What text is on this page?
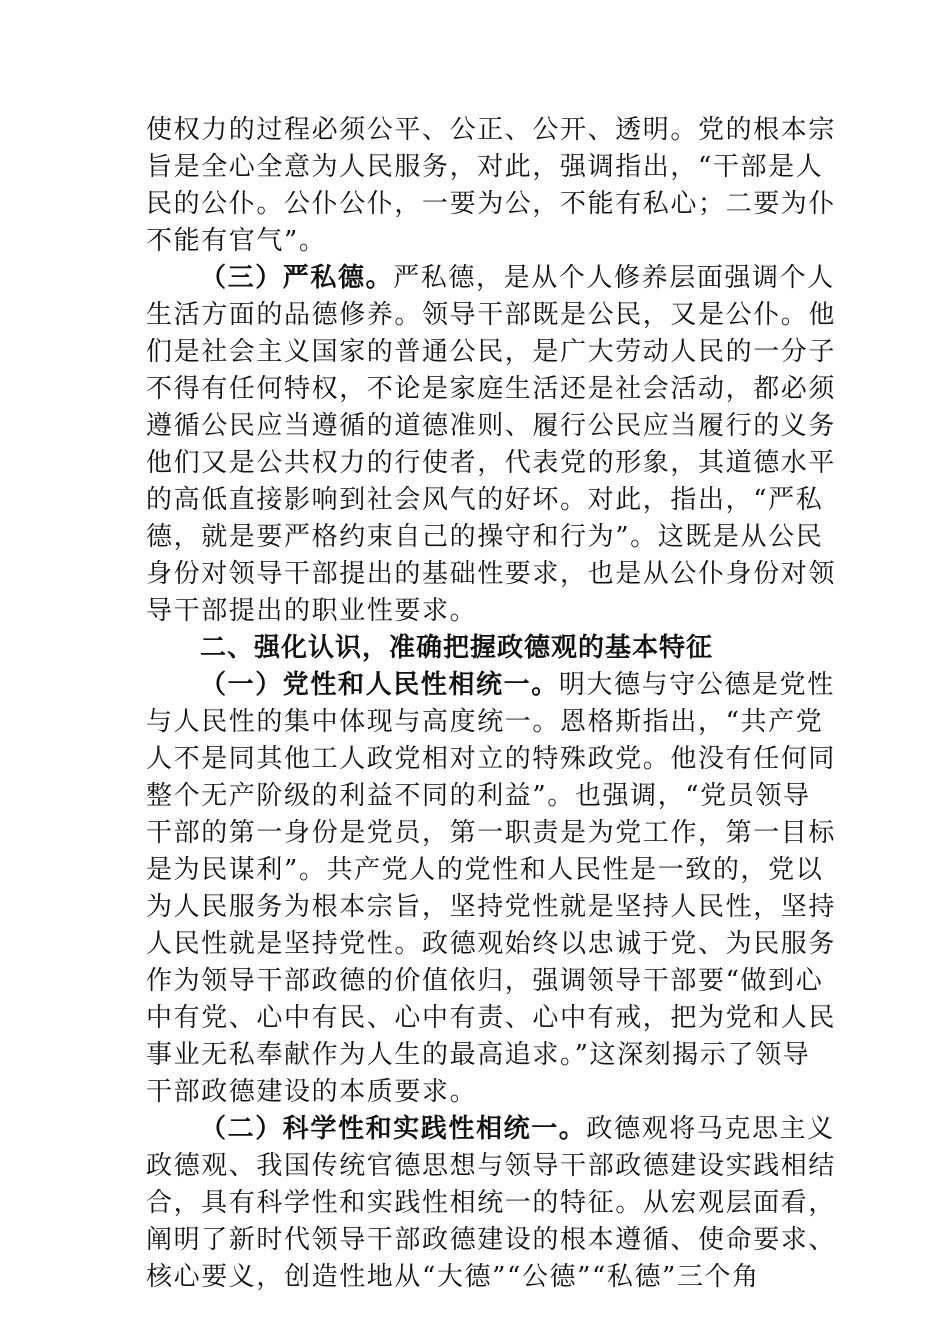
使权力的过程必须公平、公正、公开、透明。党的根本宗
旨是全心全意为人民服务，对此，强调指出，“干部是人
民的公仆。公仆公仆，一要为公，不能有私心；二要为仆
不能有官气”。
（三）严私德。严私德，是从个人修养层面强调个人
生活方面的品德修养。领导干部既是公民，又是公仆。他
们是社会主义国家的普通公民，是广大劳动人民的一分子
不得有任何特权，不论是家庭生活还是社会活动，都必须
遵循公民应当遵循的道德准则、履行公民应当履行的义务
他们又是公共权力的行使者，代表党的形象，其道德水平
的高低直接影响到社会风气的好坏。对此，指出，“严私
德，就是要严格约束自己的操守和行为”。这既是从公民
身份对领导干部提出的基础性要求，也是从公仆身份对领
导干部提出的职业性要求。
二、强化认识，准确把握政德观的基本特征
（一）党性和人民性相统一。明大德与守公德是党性
与人民性的集中体现与高度统一。恩格斯指出，“共产党
人不是同其他工人政党相对立的特殊政党。他没有任何同
整个无产阶级的利益不同的利益”。也强调，“党员领导
干部的第一身份是党员，第一职责是为党工作，第一目标
是为民谋利”。共产党人的党性和人民性是一致的，党以
为人民服务为根本宗旨，坚持党性就是坚持人民性，坚持
人民性就是坚持党性。政德观始终以忠诚于党、为民服务
作为领导干部政德的价值依归，强调领导干部要“做到心
中有党、心中有民、心中有责、心中有戒，把为党和人民
事业无私奉献作为人生的最高追求。”这深刻揭示了领导
干部政德建设的本质要求。
（二）科学性和实践性相统一。政德观将马克思主义
政德观、我国传统官德思想与领导干部政德建设实践相结
合，具有科学性和实践性相统一的特征。从宏观层面看，
阐明了新时代领导干部政德建设的根本遵循、使命要求、
核心要义，创造性地从“大德”“公德”“私德”三个角
